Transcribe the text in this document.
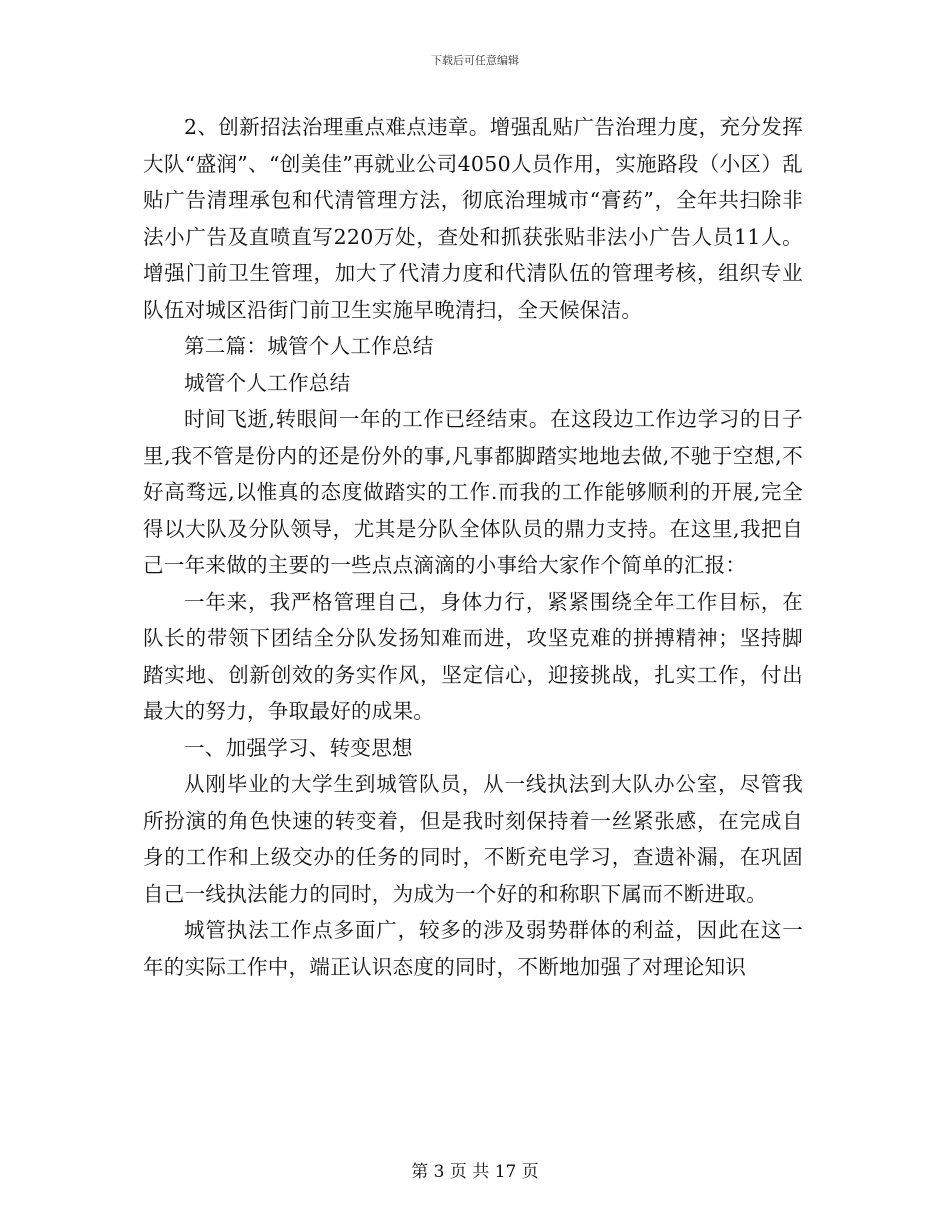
下载后可任意编辑

2、创新招法治理重点难点违章。增强乱贴广告治理力度，充分发挥大队“盛润”、“创美佳”再就业公司4050人员作用，实施路段（小区）乱贴广告清理承包和代清管理方法，彻底治理城市“膏药”，全年共扫除非法小广告及直喷直写220万处，查处和抓获张贴非法小广告人员11人。增强门前卫生管理，加大了代清力度和代清队伍的管理考核，组织专业队伍对城区沿街门前卫生实施早晚清扫，全天候保洁。

第二篇：城管个人工作总结

城管个人工作总结

时间飞逝,转眼间一年的工作已经结束。在这段边工作边学习的日子里,我不管是份内的还是份外的事,凡事都脚踏实地地去做,不驰于空想,不好高骛远,以惟真的态度做踏实的工作.而我的工作能够顺利的开展,完全得以大队及分队领导，尤其是分队全体队员的鼎力支持。在这里,我把自己一年来做的主要的一些点点滴滴的小事给大家作个简单的汇报：

一年来，我严格管理自己，身体力行，紧紧围绕全年工作目标，在队长的带领下团结全分队发扬知难而进，攻坚克难的拼搏精神；坚持脚踏实地、创新创效的务实作风，坚定信心，迎接挑战，扎实工作，付出最大的努力，争取最好的成果。

一、加强学习、转变思想

从刚毕业的大学生到城管队员，从一线执法到大队办公室，尽管我所扮演的角色快速的转变着，但是我时刻保持着一丝紧张感，在完成自身的工作和上级交办的任务的同时，不断充电学习，查遗补漏，在巩固自己一线执法能力的同时，为成为一个好的和称职下属而不断进取。

城管执法工作点多面广，较多的涉及弱势群体的利益，因此在这一年的实际工作中，端正认识态度的同时，不断地加强了对理论知识

第 3 页 共 17 页
